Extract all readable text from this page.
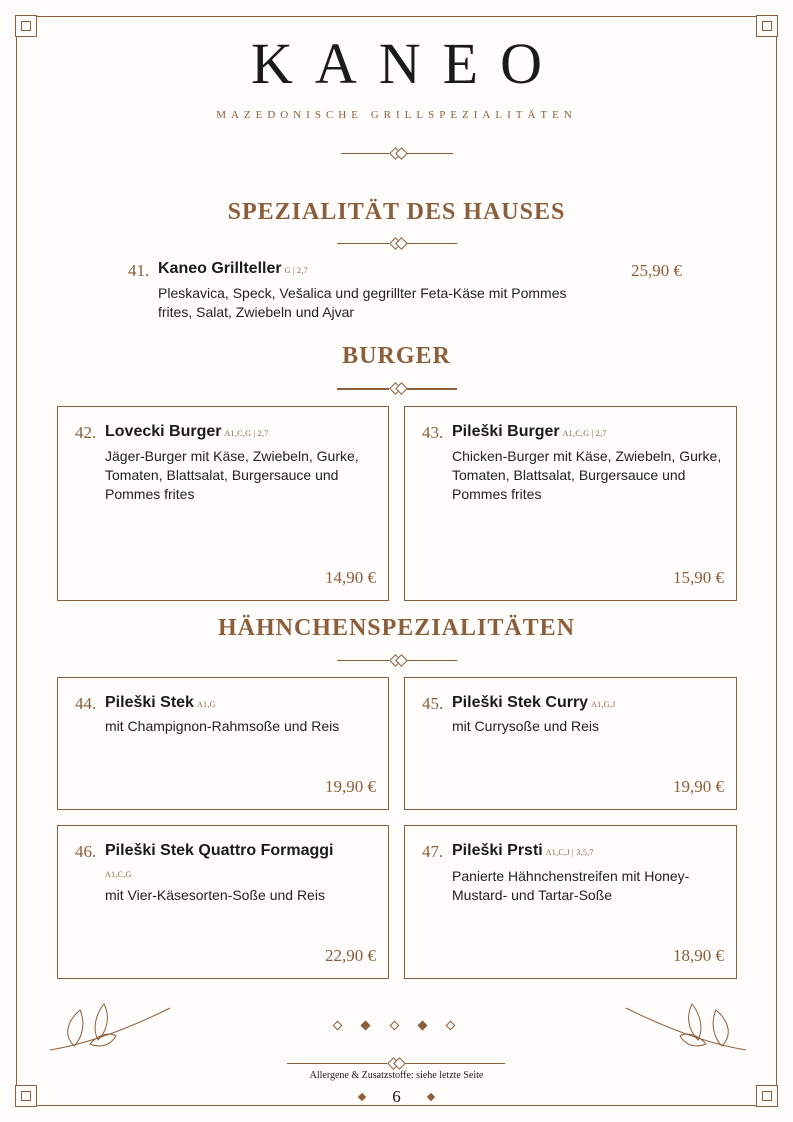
KANEO
MAZEDONISCHE GRILLSPEZIALITÄTEN
SPEZIALITÄT DES HAUSES
41. Kaneo Grillteller G | 2,7
Pleskavica, Speck, Vešalica und gegrillter Feta-Käse mit Pommes frites, Salat, Zwiebeln und Ajvar
25,90 €
BURGER
42. Lovecki Burger A1,C,G | 2,7
Jäger-Burger mit Käse, Zwiebeln, Gurke, Tomaten, Blattsalat, Burgersauce und Pommes frites
14,90 €
43. Pileški Burger A1,C,G | 2,7
Chicken-Burger mit Käse, Zwiebeln, Gurke, Tomaten, Blattsalat, Burgersauce und Pommes frites
15,90 €
HÄHNCHENSPEZIALITÄTEN
44. Pileški Stek A1,G
mit Champignon-Rahmsoße und Reis
19,90 €
45. Pileški Stek Curry A1,G,J
mit Currysoße und Reis
19,90 €
46. Pileški Stek Quattro Formaggi
A1,C,G
mit Vier-Käsesorten-Soße und Reis
22,90 €
47. Pileški Prsti A1,C,J | 3,5,7
Panierte Hähnchenstreifen mit Honey-Mustard- und Tartar-Soße
18,90 €
Allergene & Zusatzstoffe: siehe letzte Seite
6
